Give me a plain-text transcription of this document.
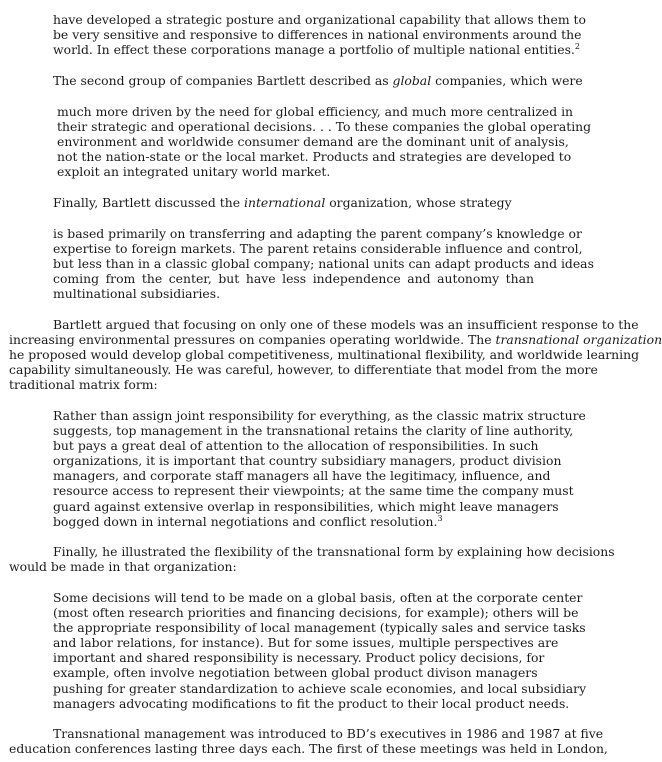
have developed a strategic posture and organizational capability that allows them to
be very sensitive and responsive to differences in national environments around the
world. In effect these corporations manage a portfolio of multiple national entities.$^2$
The second group of companies Bartlett described as global companies, which were
much more driven by the need for global efficiency, and much more centralized in
their strategic and operational decisions. . . To these companies the global operating
environment and worldwide consumer demand are the dominant unit of analysis,
not the nation-state or the local market. Products and strategies are developed to
exploit an integrated unitary world market.
Finally, Bartlett discussed the international organization, whose strategy
is based primarily on transferring and adapting the parent company’s knowledge or
expertise to foreign markets. The parent retains considerable influence and control,
but less than in a classic global company; national units can adapt products and ideas
coming from the center, but have less independence and autonomy than
multinational subsidiaries.
Bartlett argued that focusing on only one of these models was an insufficient response to the
increasing environmental pressures on companies operating worldwide. The transnational organization
he proposed would develop global competitiveness, multinational flexibility, and worldwide learning
capability simultaneously. He was careful, however, to differentiate that model from the more
traditional matrix form:
Rather than assign joint responsibility for everything, as the classic matrix structure
suggests, top management in the transnational retains the clarity of line authority,
but pays a great deal of attention to the allocation of responsibilities. In such
organizations, it is important that country subsidiary managers, product division
managers, and corporate staff managers all have the legitimacy, influence, and
resource access to represent their viewpoints; at the same time the company must
guard against extensive overlap in responsibilities, which might leave managers
bogged down in internal negotiations and conflict resolution.$^3$
Finally, he illustrated the flexibility of the transnational form by explaining how decisions
would be made in that organization:
Some decisions will tend to be made on a global basis, often at the corporate center
(most often research priorities and financing decisions, for example); others will be
the appropriate responsibility of local management (typically sales and service tasks
and labor relations, for instance). But for some issues, multiple perspectives are
important and shared responsibility is necessary. Product policy decisions, for
example, often involve negotiation between global product divison managers
pushing for greater standardization to achieve scale economies, and local subsidiary
managers advocating modifications to fit the product to their local product needs.
Transnational management was introduced to BD’s executives in 1986 and 1987 at five
education conferences lasting three days each. The first of these meetings was held in London,
